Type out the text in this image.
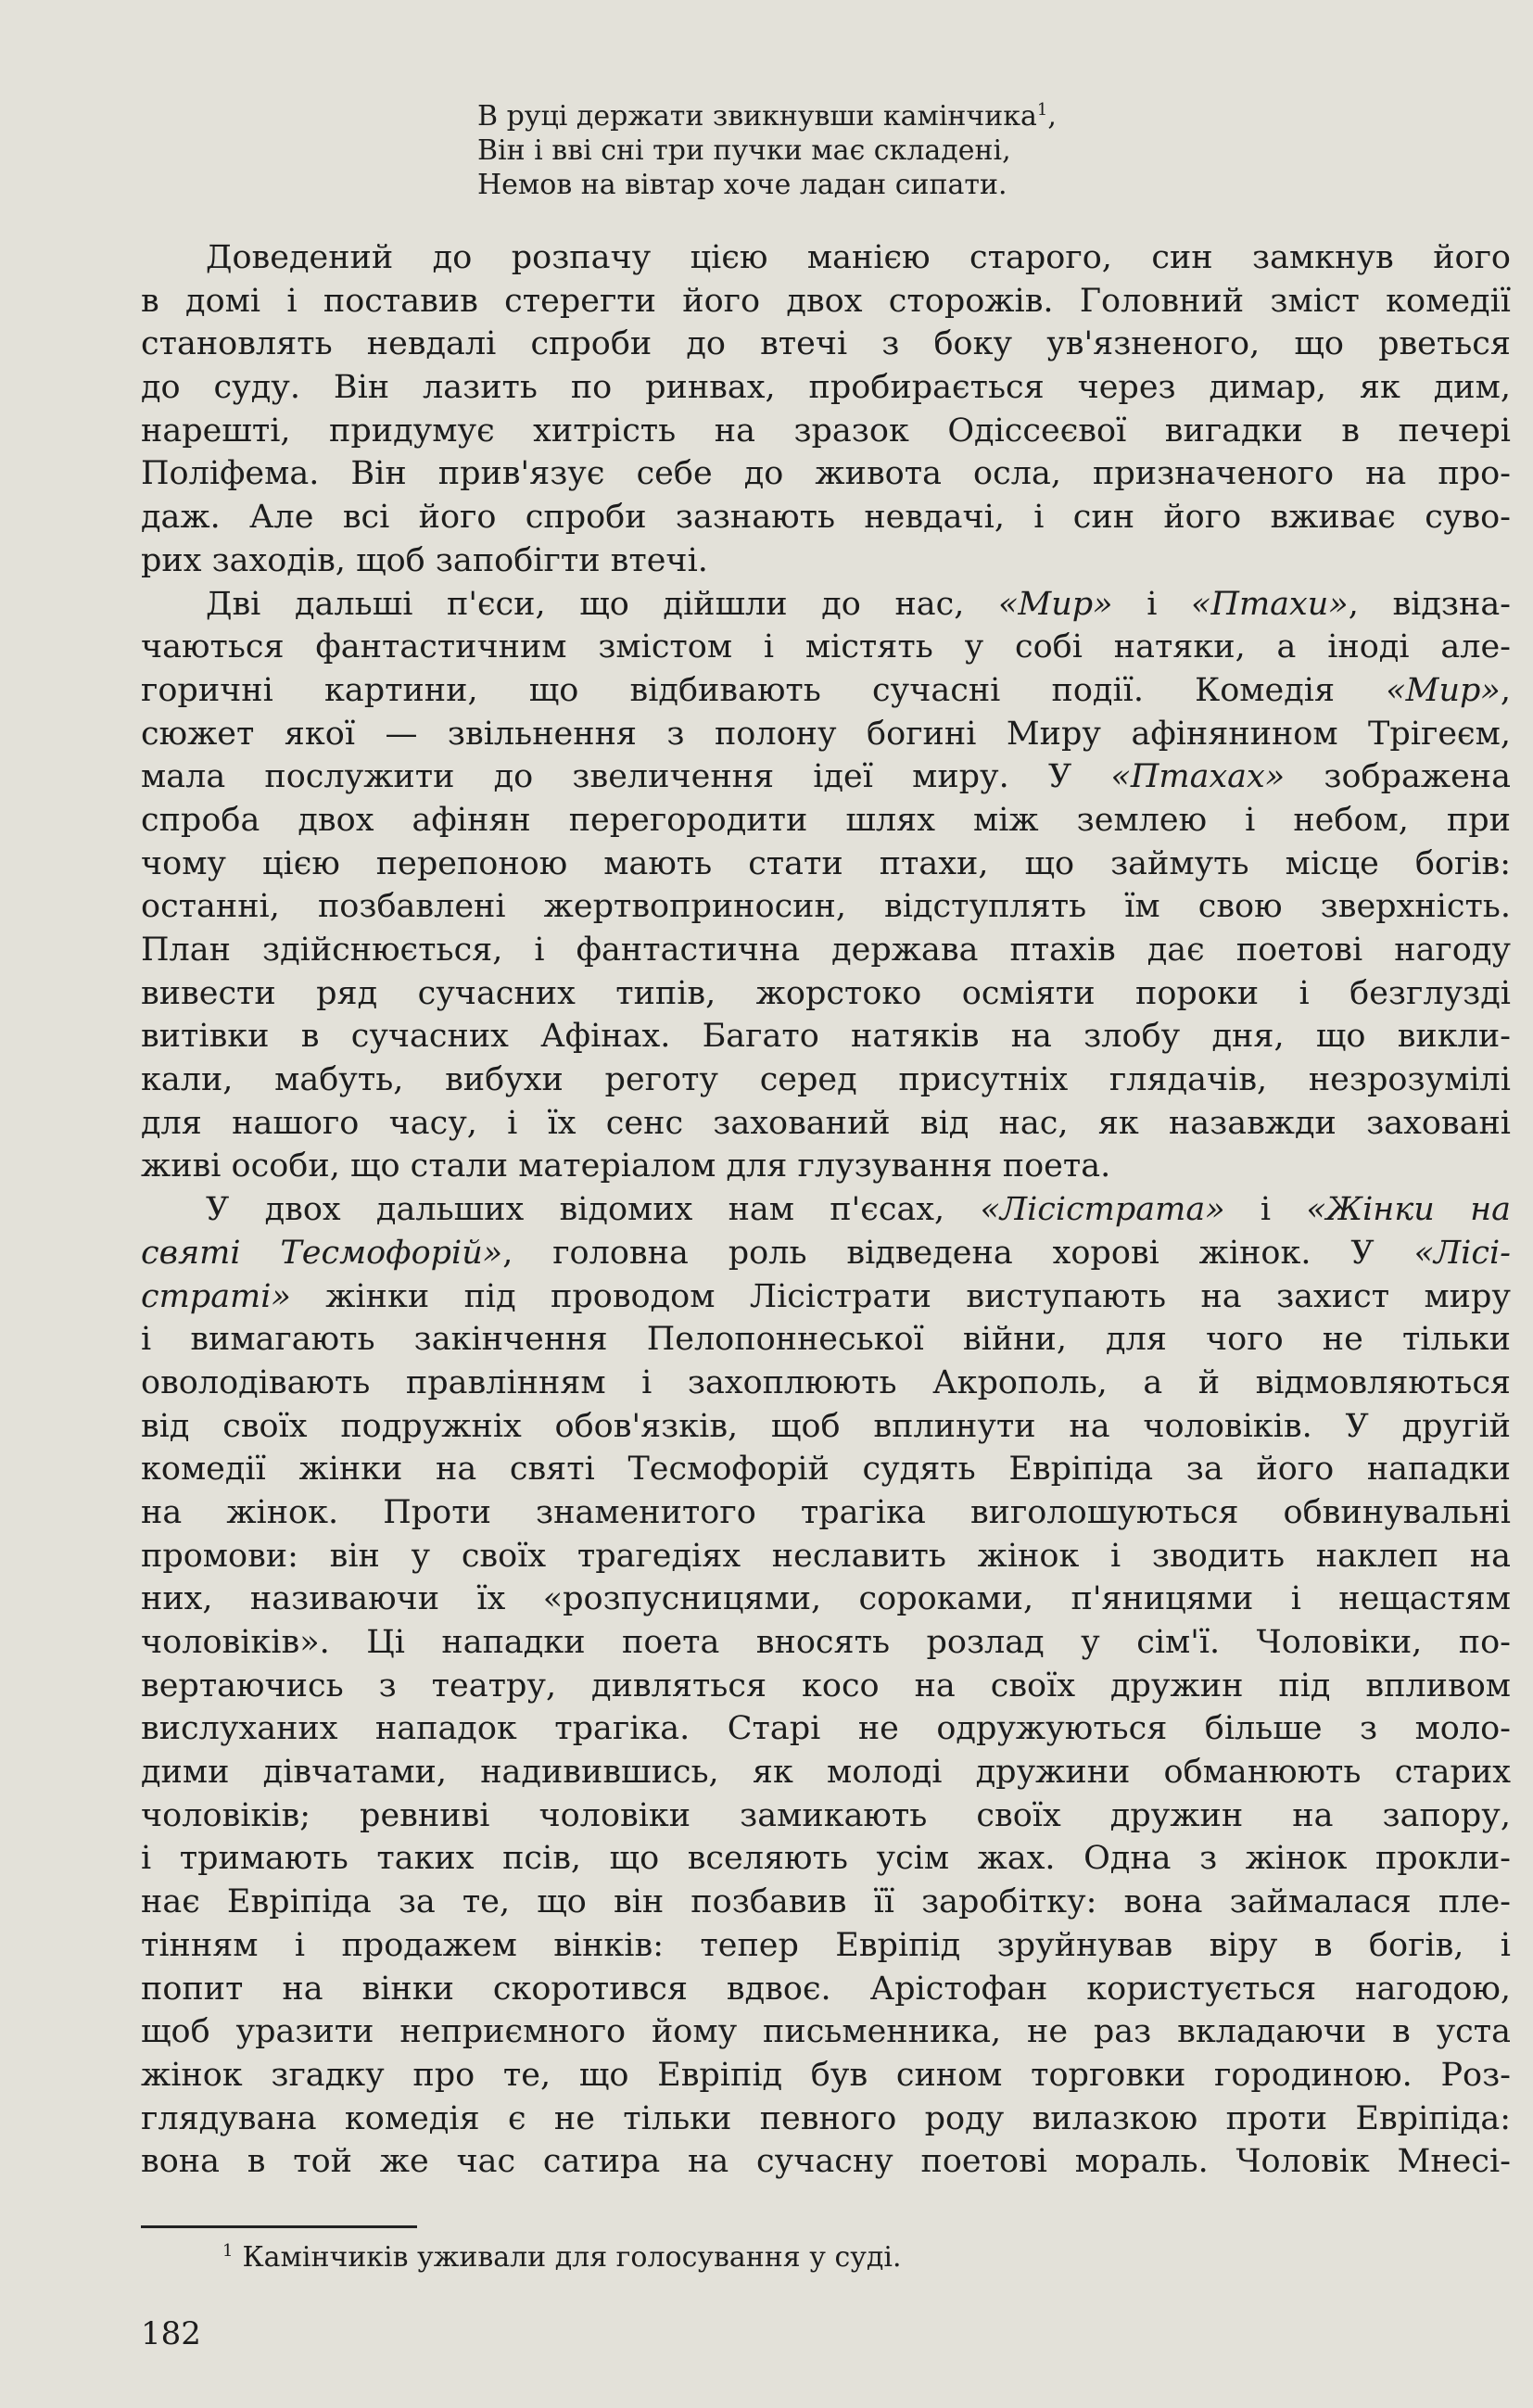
В руці держати звикнувши камінчика$^1$,
Він і вві сні три пучки має складені,
Немов на вівтар хоче ладан сипати.
Доведений до розпачу цією манією старого, син замкнув його
в домі і поставив стерегти його двох сторожів. Головний зміст комедії
становлять невдалі спроби до втечі з боку ув'язненого, що рветься
до суду. Він лазить по ринвах, пробирається через димар, як дим,
нарешті, придумує хитрість на зразок Одіссеєвої вигадки в печері
Поліфема. Він прив'язує себе до живота осла, призначеного на про-
даж. Але всі його спроби зазнають невдачі, і син його вживає суво-
рих заходів, щоб запобігти втечі.
Дві дальші п'єси, що дійшли до нас, «Мир» і «Птахи», відзна-
чаються фантастичним змістом і містять у собі натяки, а іноді але-
горичні картини, що відбивають сучасні події. Комедія «Мир»,
сюжет якої — звільнення з полону богині Миру афінянином Трігеєм,
мала послужити до звеличення ідеї миру. У «Птахах» зображена
спроба двох афінян перегородити шлях між землею і небом, при
чому цією перепоною мають стати птахи, що займуть місце богів:
останні, позбавлені жертвоприносин, відступлять їм свою зверхність.
План здійснюється, і фантастична держава птахів дає поетові нагоду
вивести ряд сучасних типів, жорстоко осміяти пороки і безглузді
витівки в сучасних Афінах. Багато натяків на злобу дня, що викли-
кали, мабуть, вибухи реготу серед присутніх глядачів, незрозумілі
для нашого часу, і їх сенс захований від нас, як назавжди заховані
живі особи, що стали матеріалом для глузування поета.
У двох дальших відомих нам п'єсах, «Лісістрата» і «Жінки на
святі Тесмофорій», головна роль відведена хорові жінок. У «Лісі-
страті» жінки під проводом Лісістрати виступають на захист миру
і вимагають закінчення Пелопоннеської війни, для чого не тільки
оволодівають правлінням і захоплюють Акрополь, а й відмовляються
від своїх подружніх обов'язків, щоб вплинути на чоловіків. У другій
комедії жінки на святі Тесмофорій судять Евріпіда за його нападки
на жінок. Проти знаменитого трагіка виголошуються обвинувальні
промови: він у своїх трагедіях неславить жінок і зводить наклеп на
них, називаючи їх «розпусницями, сороками, п'яницями і нещастям
чоловіків». Ці нападки поета вносять розлад у сім'ї. Чоловіки, по-
вертаючись з театру, дивляться косо на своїх дружин під впливом
вислуханих нападок трагіка. Старі не одружуються більше з моло-
дими дівчатами, надивившись, як молоді дружини обманюють старих
чоловіків; ревниві чоловіки замикають своїх дружин на запору,
і тримають таких псів, що вселяють усім жах. Одна з жінок прокли-
нає Евріпіда за те, що він позбавив її заробітку: вона займалася пле-
тінням і продажем вінків: тепер Евріпід зруйнував віру в богів, і
попит на вінки скоротився вдвоє. Арістофан користується нагодою,
щоб уразити неприємного йому письменника, не раз вкладаючи в уста
жінок згадку про те, що Евріпід був сином торговки городиною. Роз-
глядувана комедія є не тільки певного роду вилазкою проти Евріпіда:
вона в той же час сатира на сучасну поетові мораль. Чоловік Мнесі-
$^1$ Камінчиків уживали для голосування у суді.
182
